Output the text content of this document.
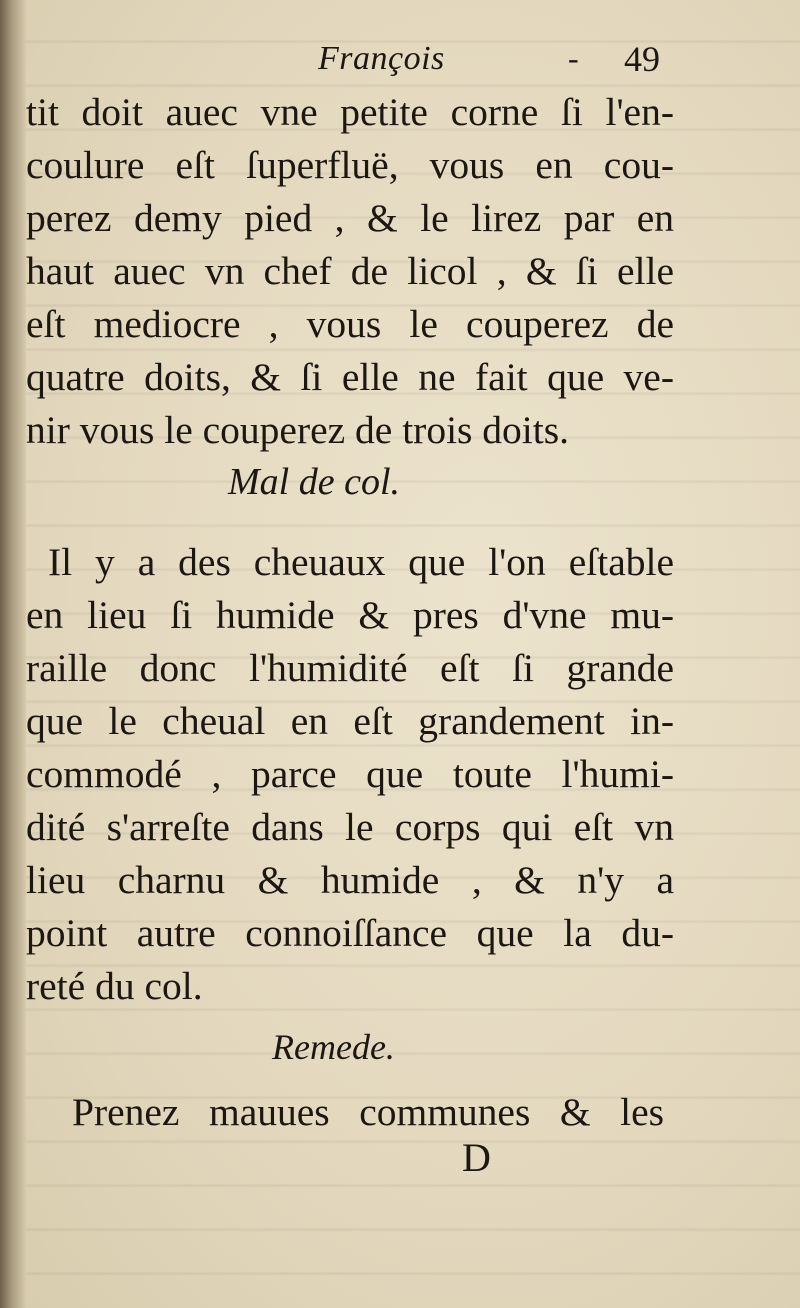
François	- 49
tit doit auec vne petite corne ſi l'en-
coulure eſt ſuperfluë, vous en cou-
perez demy pied , & le lirez par en
haut auec vn chef de licol , & ſi elle
eſt mediocre , vous le couperez de
quatre doits, & ſi elle ne fait que ve-
nir vous le couperez de trois doits.
Mal de col.
Il y a des cheuaux que l'on eſtable
en lieu ſi humide & pres d'vne mu-
raille donc l'humidité eſt ſi grande
que le cheual en eſt grandement in-
commodé , parce que toute l'humi-
dité s'arreſte dans le corps qui eſt vn
lieu charnu & humide , & n'y a
point autre connoiſſance que la du-
reté du col.
Remede.
Prenez mauues communes & les
D
